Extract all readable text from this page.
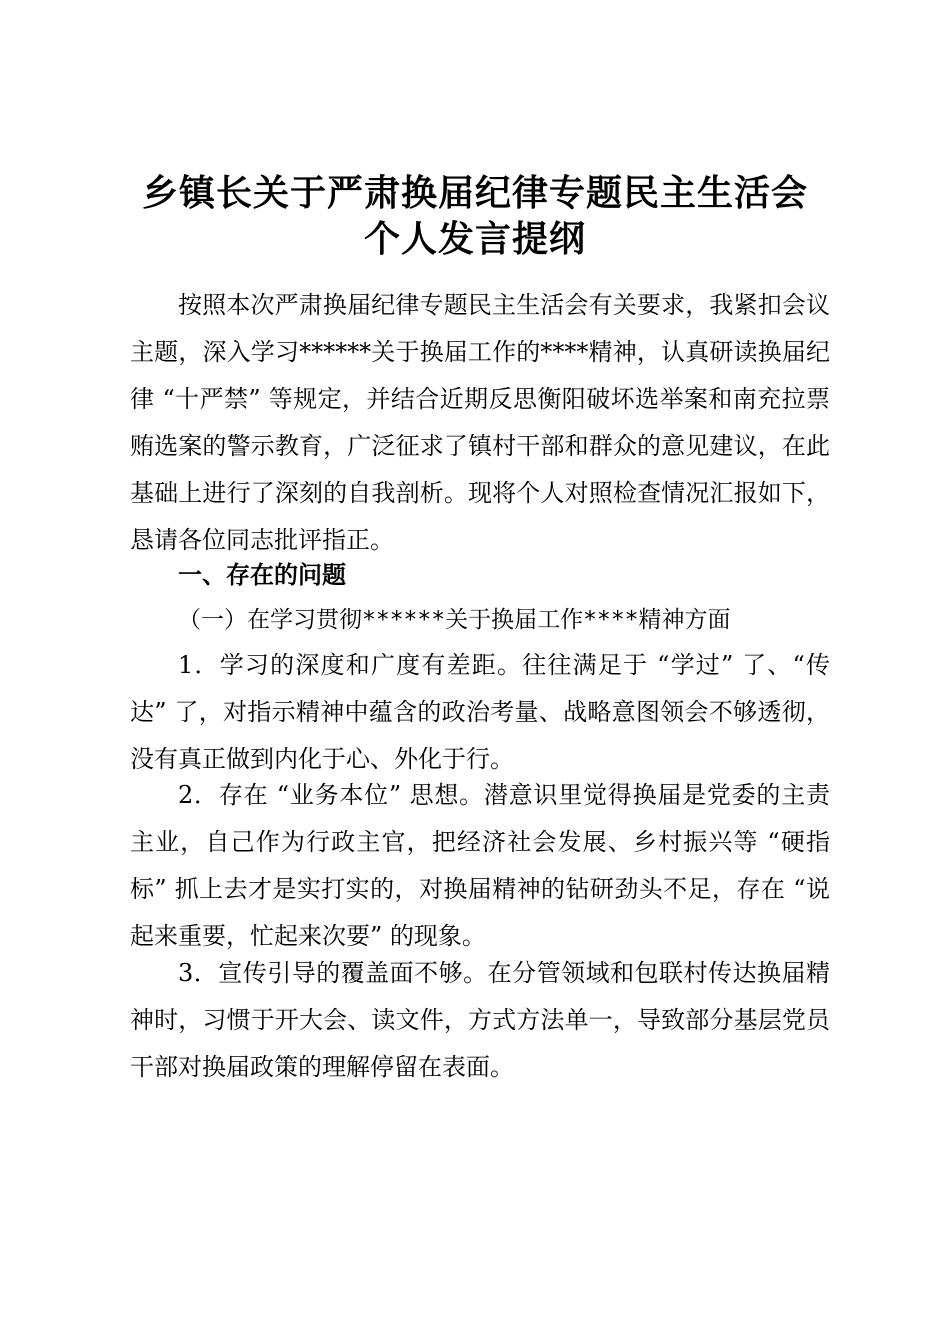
乡镇长关于严肃换届纪律专题民主生活会
个人发言提纲

按照本次严肃换届纪律专题民主生活会有关要求，我紧扣会议主题，深入学习******关于换届工作的****精神，认真研读换届纪律 “十严禁” 等规定，并结合近期反思衡阳破坏选举案和南充拉票贿选案的警示教育，广泛征求了镇村干部和群众的意见建议，在此基础上进行了深刻的自我剖析。现将个人对照检查情况汇报如下，恳请各位同志批评指正。

一、存在的问题
（一）在学习贯彻******关于换届工作****精神方面

1．学习的深度和广度有差距。往往满足于 “学过” 了、“传达” 了，对指示精神中蕴含的政治考量、战略意图领会不够透彻，没有真正做到内化于心、外化于行。

2．存在 “业务本位” 思想。潜意识里觉得换届是党委的主责主业，自己作为行政主官，把经济社会发展、乡村振兴等 “硬指标” 抓上去才是实打实的，对换届精神的钻研劲头不足，存在 “说起来重要，忙起来次要” 的现象。

3．宣传引导的覆盖面不够。在分管领域和包联村传达换届精神时，习惯于开大会、读文件，方式方法单一，导致部分基层党员干部对换届政策的理解停留在表面。
